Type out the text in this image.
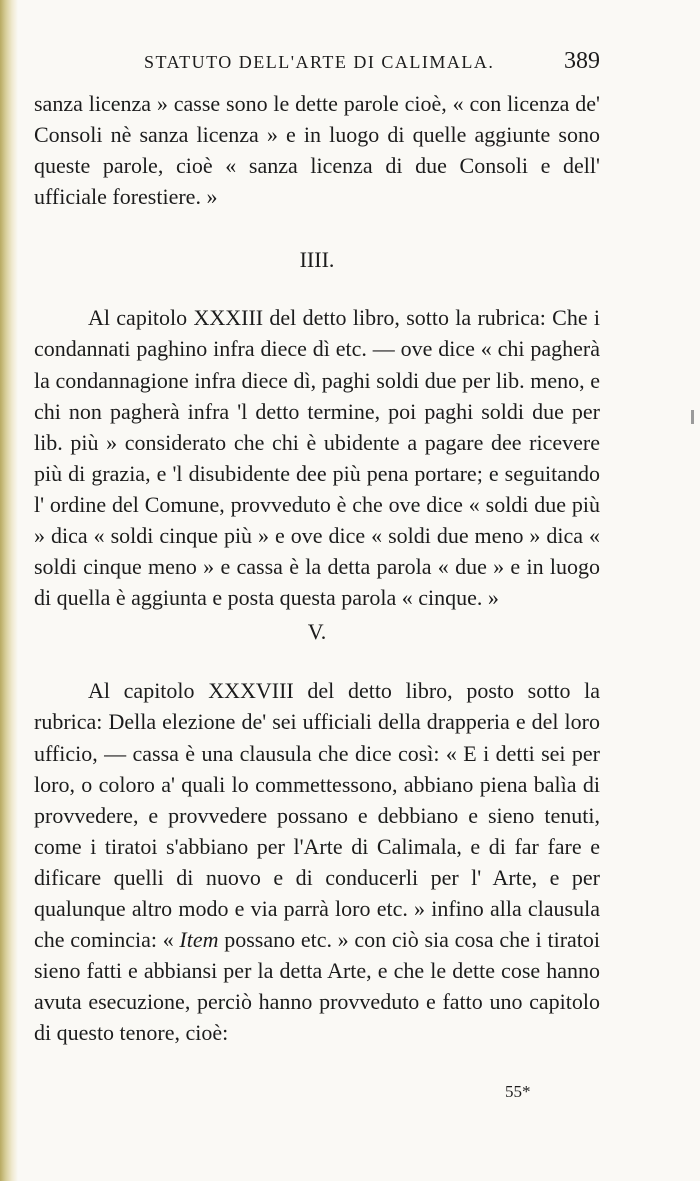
STATUTO DELL'ARTE DI CALIMALA.	389

sanza licenza » casse sono le dette parole cioè, « con licenza de' Consoli nè sanza licenza » e in luogo di quelle aggiunte sono queste parole, cioè « sanza licenza di due Consoli e dell' ufficiale forestiere. »

IIII.

Al capitolo XXXIII del detto libro, sotto la rubrica: Che i condannati paghino infra diece dì etc. — ove dice « chi pagherà la condannagione infra diece dì, paghi soldi due per lib. meno, e chi non pagherà infra 'l detto termine, poi paghi soldi due per lib. più » considerato che chi è ubidente a pagare dee ricevere più di grazia, e 'l disubidente dee più pena portare; e seguitando l' ordine del Comune, provveduto è che ove dice « soldi due più » dica « soldi cinque più » e ove dice « soldi due meno » dica « soldi cinque meno » e cassa è la detta parola « due » e in luogo di quella è aggiunta e posta questa parola « cinque. »

V.

Al capitolo XXXVIII del detto libro, posto sotto la rubrica: Della elezione de' sei ufficiali della drapperia e del loro ufficio, — cassa è una clausula che dice così: « E i detti sei per loro, o coloro a' quali lo commettessono, abbiano piena balìa di provvedere, e provvedere possano e debbiano e sieno tenuti, come i tiratoi s'abbiano per l'Arte di Calimala, e di far fare e dificare quelli di nuovo e di conducerli per l' Arte, e per qualunque altro modo e via parrà loro etc. » infino alla clausula che comincia: « Item possano etc. » con ciò sia cosa che i tiratoi sieno fatti e abbiansi per la detta Arte, e che le dette cose hanno avuta esecuzione, perciò hanno provveduto e fatto uno capitolo di questo tenore, cioè:

55*
